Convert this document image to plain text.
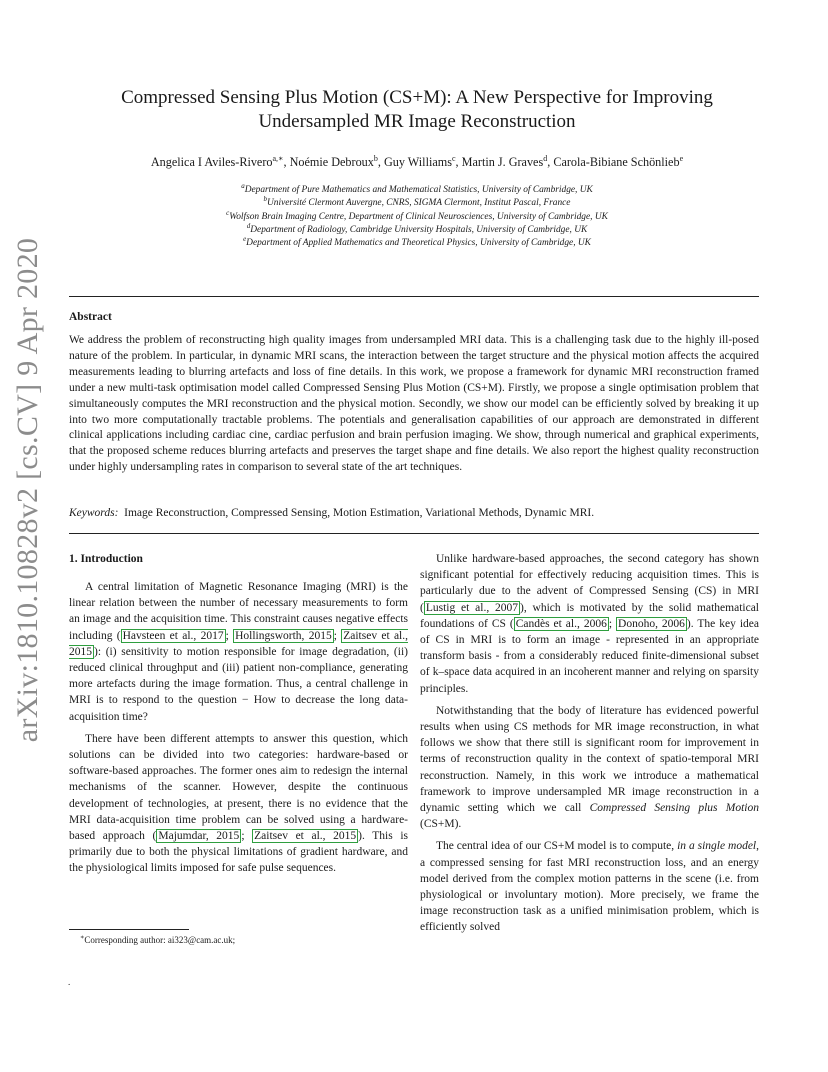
arXiv:1810.10828v2 [cs.CV] 9 Apr 2020
Compressed Sensing Plus Motion (CS+M): A New Perspective for Improving
Undersampled MR Image Reconstruction
Angelica I Aviles-Rivero$^{a,∗}$, Noémie Debroux$^b$, Guy Williams$^c$, Martin J. Graves$^d$, Carola-Bibiane Schönlieb$^e$
$^a$Department of Pure Mathematics and Mathematical Statistics, University of Cambridge, UK
$^b$Université Clermont Auvergne, CNRS, SIGMA Clermont, Institut Pascal, France
$^c$Wolfson Brain Imaging Centre, Department of Clinical Neurosciences, University of Cambridge, UK
$^d$Department of Radiology, Cambridge University Hospitals, University of Cambridge, UK
$^e$Department of Applied Mathematics and Theoretical Physics, University of Cambridge, UK
Abstract

We address the problem of reconstructing high quality images from undersampled MRI data. This is a challenging task due to the highly ill-posed nature of the problem. In particular, in dynamic MRI scans, the interaction between the target structure and the physical motion affects the acquired measurements leading to blurring artefacts and loss of fine details. In this work, we propose a framework for dynamic MRI reconstruction framed under a new multi-task optimisation model called Compressed Sensing Plus Motion (CS+M). Firstly, we propose a single optimisation problem that simultaneously computes the MRI reconstruction and the physical motion. Secondly, we show our model can be efficiently solved by breaking it up into two more computationally tractable problems. The potentials and generalisation capabilities of our approach are demonstrated in different clinical applications including cardiac cine, cardiac perfusion and brain perfusion imaging. We show, through numerical and graphical experiments, that the proposed scheme reduces blurring artefacts and preserves the target shape and fine details. We also report the highest quality reconstruction under highly undersampling rates in comparison to several state of the art techniques.

Keywords: Image Reconstruction, Compressed Sensing, Motion Estimation, Variational Methods, Dynamic MRI.

1. Introduction

A central limitation of Magnetic Resonance Imaging (MRI) is the linear relation between the number of necessary measurements to form an image and the acquisition time. This constraint causes negative effects including ( Havsteen et al., 2017 ; Hollingsworth, 2015 ; Zaitsev et al., 2015 ): (i) sensitivity to motion responsible for image degradation, (ii) reduced clinical throughput and (iii) patient non-compliance, generating more artefacts during the image formation. Thus, a central challenge in MRI is to respond to the question − How to decrease the long data-acquisition time?

There have been different attempts to answer this question, which solutions can be divided into two categories: hardware-based or software-based approaches. The former ones aim to redesign the internal mechanisms of the scanner. However, despite the continuous development of technologies, at present, there is no evidence that the MRI data-acquisition time problem can be solved using a hardware-based approach ( Majumdar, 2015 ; Zaitsev et al., 2015 ). This is primarily due to both the physical limitations of gradient hardware, and the physiological limits imposed for safe pulse sequences.

Unlike hardware-based approaches, the second category has shown significant potential for effectively reducing acquisition times. This is particularly due to the advent of Compressed Sensing (CS) in MRI ( Lustig et al., 2007 ), which is motivated by the solid mathematical foundations of CS ( Candès et al., 2006 ; Donoho, 2006 ). The key idea of CS in MRI is to form an image - represented in an appropriate transform basis - from a considerably reduced finite-dimensional subset of k–space data acquired in an incoherent manner and relying on sparsity principles.

Notwithstanding that the body of literature has evidenced powerful results when using CS methods for MR image reconstruction, in what follows we show that there still is significant room for improvement in terms of reconstruction quality in the context of spatio-temporal MRI reconstruction. Namely, in this work we introduce a mathematical framework to improve undersampled MR image reconstruction in a dynamic setting which we call Compressed Sensing plus Motion (CS+M).

The central idea of our CS+M model is to compute, in a single model, a compressed sensing for fast MRI reconstruction loss, and an energy model derived from the complex motion patterns in the scene (i.e. from physiological or involuntary motion). More precisely, we frame the image reconstruction task as a unified minimisation problem, which is efficiently solved

∗Corresponding author: ai323@cam.ac.uk;
.
